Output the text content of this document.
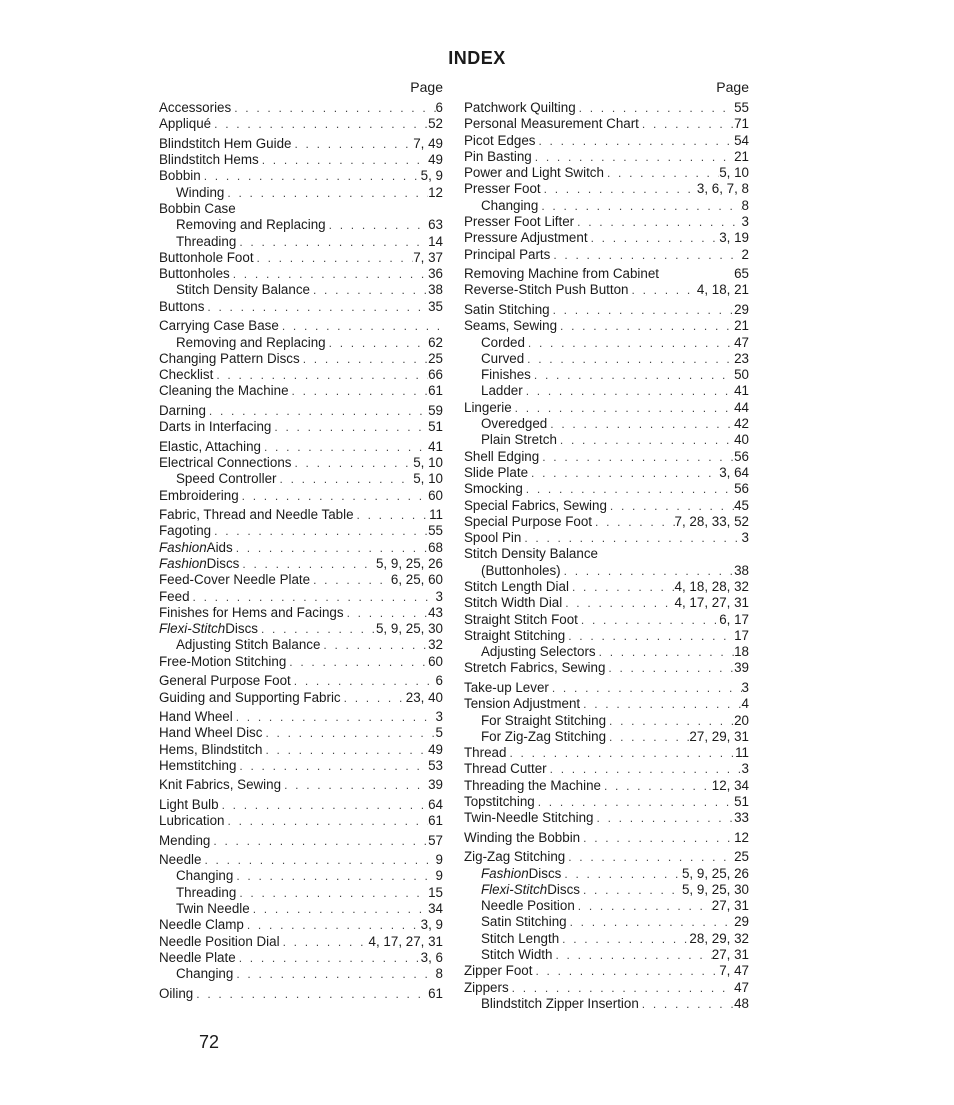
INDEX
Page
Accessories . . .	6
Appliqué . . .	52
Blindstitch Hem Guide . . .	7, 49
Blindstitch Hems . . .	49
Bobbin . . .	5, 9
Winding . . .	12
Bobbin Case
Removing and Replacing . . .	63
Threading . . .	14
Buttonhole Foot . . .	7, 37
Buttonholes . . .	36
Stitch Density Balance . . .	38
Buttons . . .	35
Carrying Case Base
. . .
Removing and Replacing . . .	62
Changing Pattern Discs . . .	25
Checklist . . .	66
Cleaning the Machine . . .	61
Darning . . .	59
Darts in Interfacing . . .	51
Elastic, Attaching . . .	41
Electrical Connections . . .	5, 10
Speed Controller . . .	5, 10
Embroidering . . .	60
Fabric, Thread and Needle Table . . .	11
Fagoting . . .	55
Fashion Aids . . .	68
Fashion Discs . . .	5, 9, 25, 26
Feed-Cover Needle Plate . . .	6, 25, 60
Feed . . .	3
Finishes for Hems and Facings . . .	43
Flexi-Stitch Discs . . .	5, 9, 25, 30
Adjusting Stitch Balance . . .	32
Free-Motion Stitching . . .	60
General Purpose Foot . . .	6
Guiding and Supporting Fabric . . .	23, 40
Hand Wheel . . .	3
Hand Wheel Disc . . .	5
Hems, Blindstitch . . .	49
Hemstitching . . .	53
Knit Fabrics, Sewing . . .	39
Light Bulb . . .	64
Lubrication . . .	61
Mending . . .	57
Needle . . .	9
Changing . . .	9
Threading . . .	15
Twin Needle . . .	34
Needle Clamp . . .	3, 9
Needle Position Dial . . .	4, 17, 27, 31
Needle Plate . . .	3, 6
Changing . . .	8
Oiling . . .	61
Page
Patchwork Quilting . . .	55
Personal Measurement Chart . . .	71
Picot Edges . . .	54
Pin Basting . . .	21
Power and Light Switch . . .	5, 10
Presser Foot . . .	3, 6, 7, 8
Changing . . .	8
Presser Foot Lifter . . .	3
Pressure Adjustment . . .	3, 19
Principal Parts . . .	2
Removing Machine from Cabinet	65
Reverse-Stitch Push Button . . .	4, 18, 21
Satin Stitching . . .	29
Seams, Sewing . . .	21
Corded . . .	47
Curved . . .	23
Finishes . . .	50
Ladder . . .	41
Lingerie . . .	44
Overedged . . .	42
Plain Stretch . . .	40
Shell Edging . . .	56
Slide Plate . . .	3, 64
Smocking . . .	56
Special Fabrics, Sewing . . .	45
Special Purpose Foot . . .	7, 28, 33, 52
Spool Pin . . .	3
Stitch Density Balance
(Buttonholes) . . .	38
Stitch Length Dial . . .	4, 18, 28, 32
Stitch Width Dial . . .	4, 17, 27, 31
Straight Stitch Foot . . .	6, 17
Straight Stitching . . .	17
Adjusting Selectors . . .	18
Stretch Fabrics, Sewing . . .	39
Take-up Lever . . .	3
Tension Adjustment . . .	4
For Straight Stitching . . .	20
For Zig-Zag Stitching . . .	27, 29, 31
Thread . . .	11
Thread Cutter . . .	3
Threading the Machine . . .	12, 34
Topstitching . . .	51
Twin-Needle Stitching . . .	33
Winding the Bobbin . . .	12
Zig-Zag Stitching . . .	25
Fashion Discs . . .	5, 9, 25, 26
Flexi-Stitch Discs . . .	5, 9, 25, 30
Needle Position . . .	27, 31
Satin Stitching . . .	29
Stitch Length . . .	28, 29, 32
Stitch Width . . .	27, 31
Zipper Foot . . .	7, 47
Zippers . . .	47
Blindstitch Zipper Insertion . . .	48
72
